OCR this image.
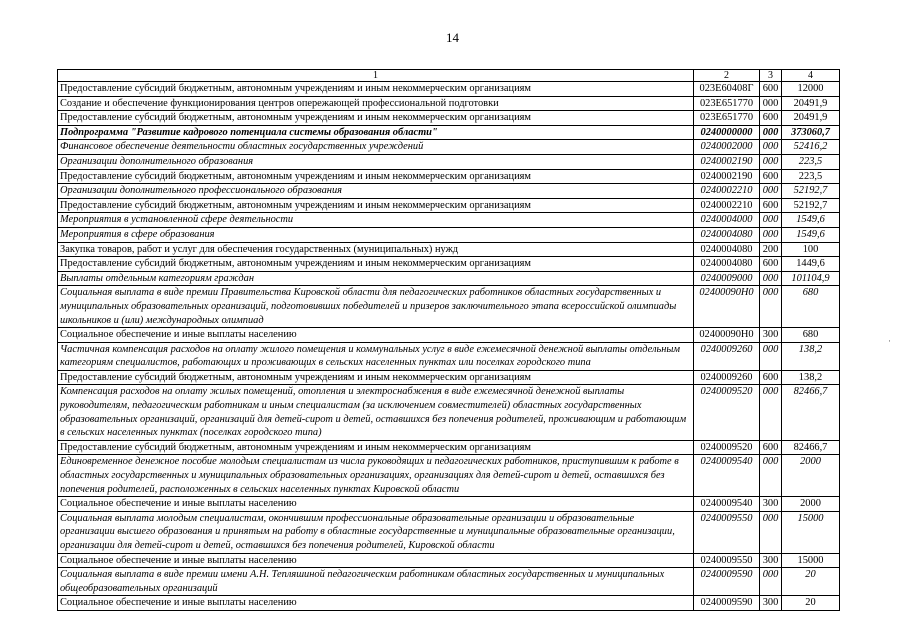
14
1	2	3	4
Предоставление субсидий бюджетным, автономным учреждениям и иным некоммерческим организациям	023E60408Г	600	12000
Создание и обеспечение функционирования центров опережающей профессиональной подготовки	023E651770	000	20491,9
Предоставление субсидий бюджетным, автономным учреждениям и иным некоммерческим организациям	023E651770	600	20491,9
Подпрограмма "Развитие кадрового потенциала системы образования области"	0240000000	000	373060,7
Финансовое обеспечение деятельности областных государственных учреждений	0240002000	000	52416,2
Организации дополнительного образования	0240002190	000	223,5
Предоставление субсидий бюджетным, автономным учреждениям и иным некоммерческим организациям	0240002190	600	223,5
Организации дополнительного профессионального образования	0240002210	000	52192,7
Предоставление субсидий бюджетным, автономным учреждениям и иным некоммерческим организациям	0240002210	600	52192,7
Мероприятия в установленной сфере деятельности	0240004000	000	1549,6
Мероприятия в сфере образования	0240004080	000	1549,6
Закупка товаров, работ и услуг для обеспечения государственных (муниципальных) нужд	0240004080	200	100
Предоставление субсидий бюджетным, автономным учреждениям и иным некоммерческим организациям	0240004080	600	1449,6
Выплаты отдельным категориям граждан	0240009000	000	101104,9
Социальная выплата в виде премии Правительства Кировской области для педагогических работников областных государственных и муниципальных образовательных организаций, подготовивших победителей и призеров заключительного этапа всероссийской олимпиады школьников и (или) международных олимпиад	02400090Н0	000	680
Социальное обеспечение и иные выплаты населению	02400090Н0	300	680
Частичная компенсация расходов на оплату жилого помещения и коммунальных услуг в виде ежемесячной денежной выплаты отдельным категориям специалистов, работающих и проживающих в сельских населенных пунктах или поселках городского типа	0240009260	000	138,2
Предоставление субсидий бюджетным, автономным учреждениям и иным некоммерческим организациям	0240009260	600	138,2
Компенсация расходов на оплату жилых помещений, отопления и электроснабжения в виде ежемесячной денежной выплаты руководителям, педагогическим работникам и иным специалистам (за исключением совместителей) областных государственных образовательных организаций, организаций для детей-сирот и детей, оставшихся без попечения родителей, проживающим и работающим в сельских населенных пунктах (поселках городского типа)	0240009520	000	82466,7
Предоставление субсидий бюджетным, автономным учреждениям и иным некоммерческим организациям	0240009520	600	82466,7
Единовременное денежное пособие молодым специалистам из числа руководящих и педагогических работников, приступившим к работе в областных государственных и муниципальных образовательных организациях, организациях для детей-сирот и детей, оставшихся без попечения родителей, расположенных в сельских населенных пунктах Кировской области	0240009540	000	2000
Социальное обеспечение и иные выплаты населению	0240009540	300	2000
Социальная выплата молодым специалистам, окончившим профессиональные образовательные организации и образовательные организации высшего образования и принятым на работу в областные государственные и муниципальные образовательные организации, организации для детей-сирот и детей, оставшихся без попечения родителей, Кировской области	0240009550	000	15000
Социальное обеспечение и иные выплаты населению	0240009550	300	15000
Социальная выплата в виде премии имени А.Н. Тепляшиной педагогическим работникам областных государственных и муниципальных общеобразовательных организаций	0240009590	000	20
Социальное обеспечение и иные выплаты населению	0240009590	300	20
·
